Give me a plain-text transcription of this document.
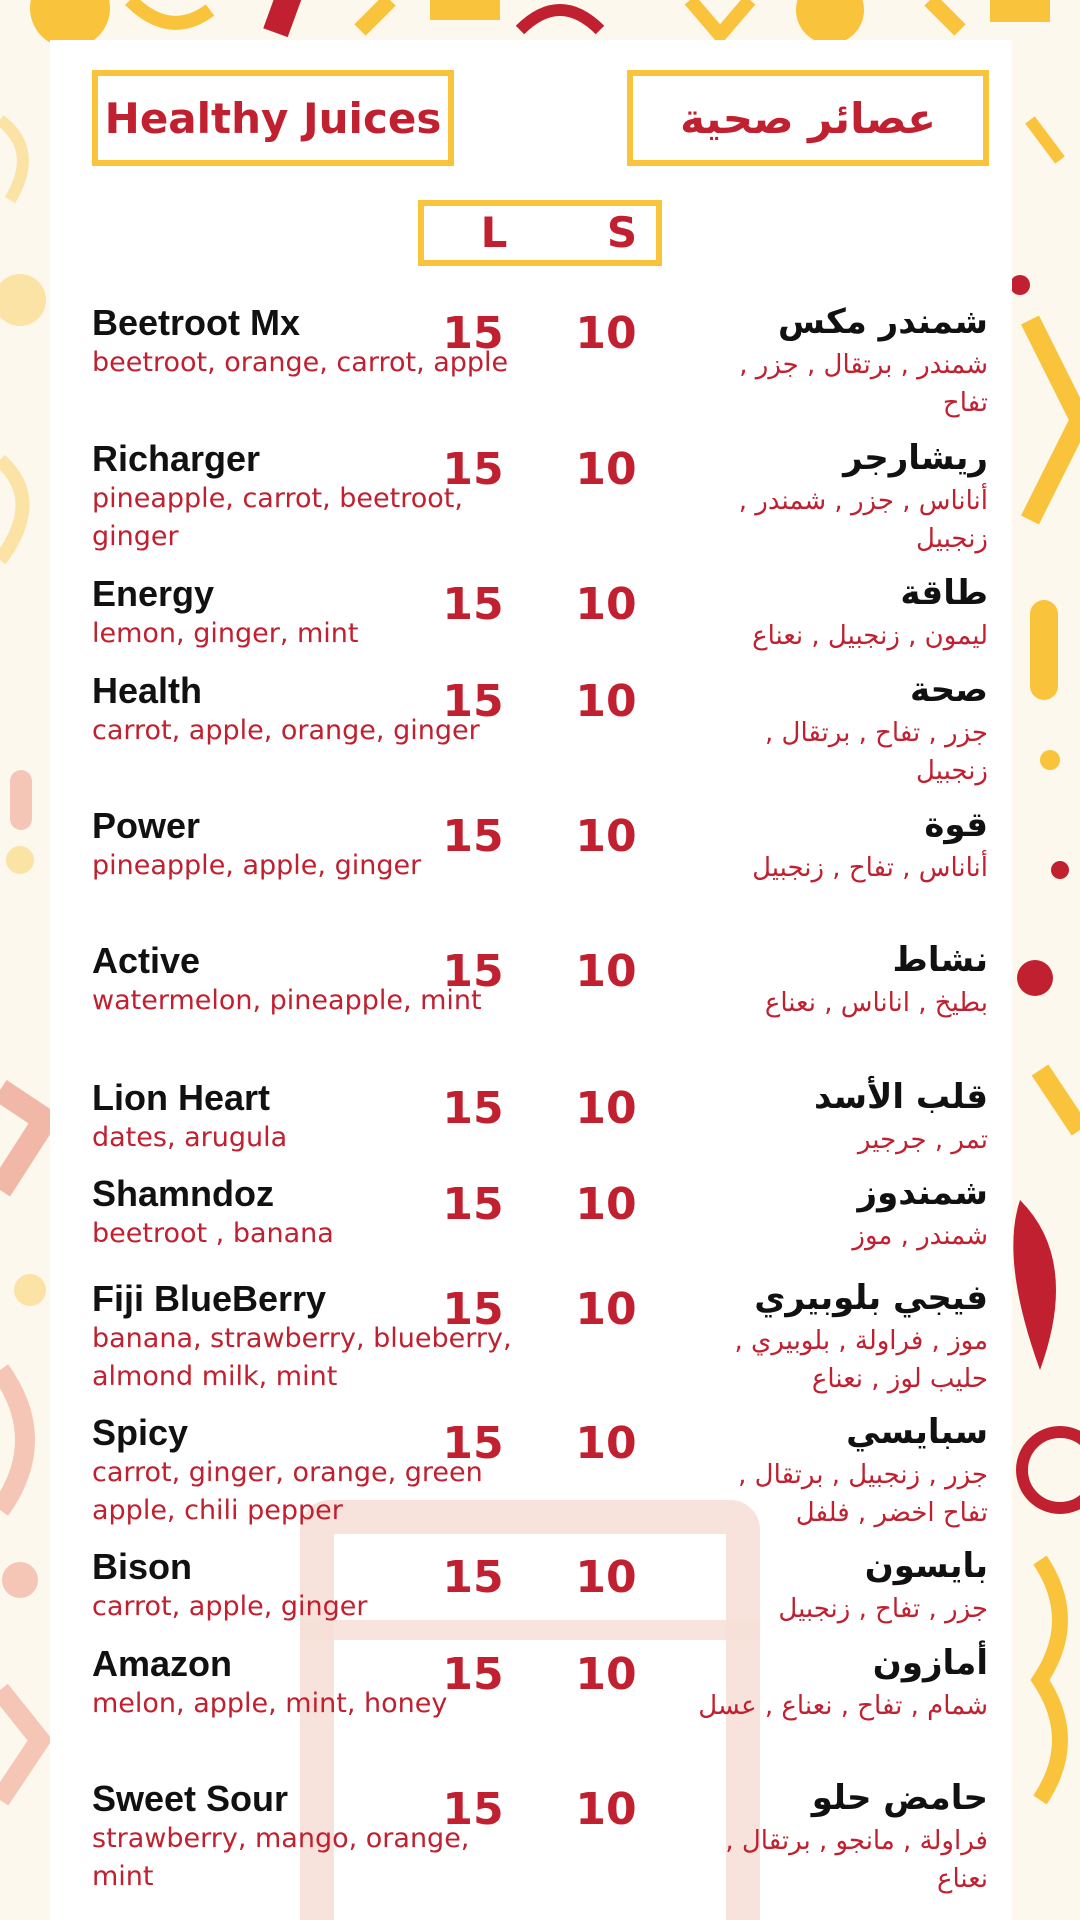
Healthy Juices	عصائر صحية
L	S
Beetroot Mx
beetroot, orange, carrot, apple
15	10	شمندر مكس
شمندر , برتقال , جزر , تفاح
Richarger
pineapple, carrot, beetroot, ginger
15	10	ريشارجر
أناناس , جزر , شمندر , زنجبيل
Energy
lemon, ginger, mint
15	10	طاقة
ليمون , زنجبيل , نعناع
Health
carrot, apple, orange, ginger
15	10	صحة
جزر , تفاح , برتقال , زنجبيل
Power
pineapple, apple, ginger
15	10	قوة
أناناس , تفاح , زنجبيل
Active
watermelon, pineapple, mint
15	10	نشاط
بطيخ , اناناس , نعناع
Lion Heart
dates, arugula
15	10	قلب الأسد
تمر , جرجير
Shamndoz
beetroot , banana
15	10	شمندوز
شمندر , موز
Fiji BlueBerry
banana, strawberry, blueberry, almond milk, mint
15	10	فيجي بلوبيري
موز , فراولة , بلوبيري , حليب لوز , نعناع
Spicy
carrot, ginger, orange, green apple, chili pepper
15	10	سبايسي
جزر , زنجبيل , برتقال , تفاح اخضر , فلفل
Bison
carrot, apple, ginger
15	10	بايسون
جزر , تفاح , زنجبيل
Amazon
melon, apple, mint, honey
15	10	أمازون
شمام , تفاح , نعناع , عسل
Sweet Sour
strawberry, mango, orange, mint
15	10	حامض حلو
فراولة , مانجو , برتقال , نعناع
